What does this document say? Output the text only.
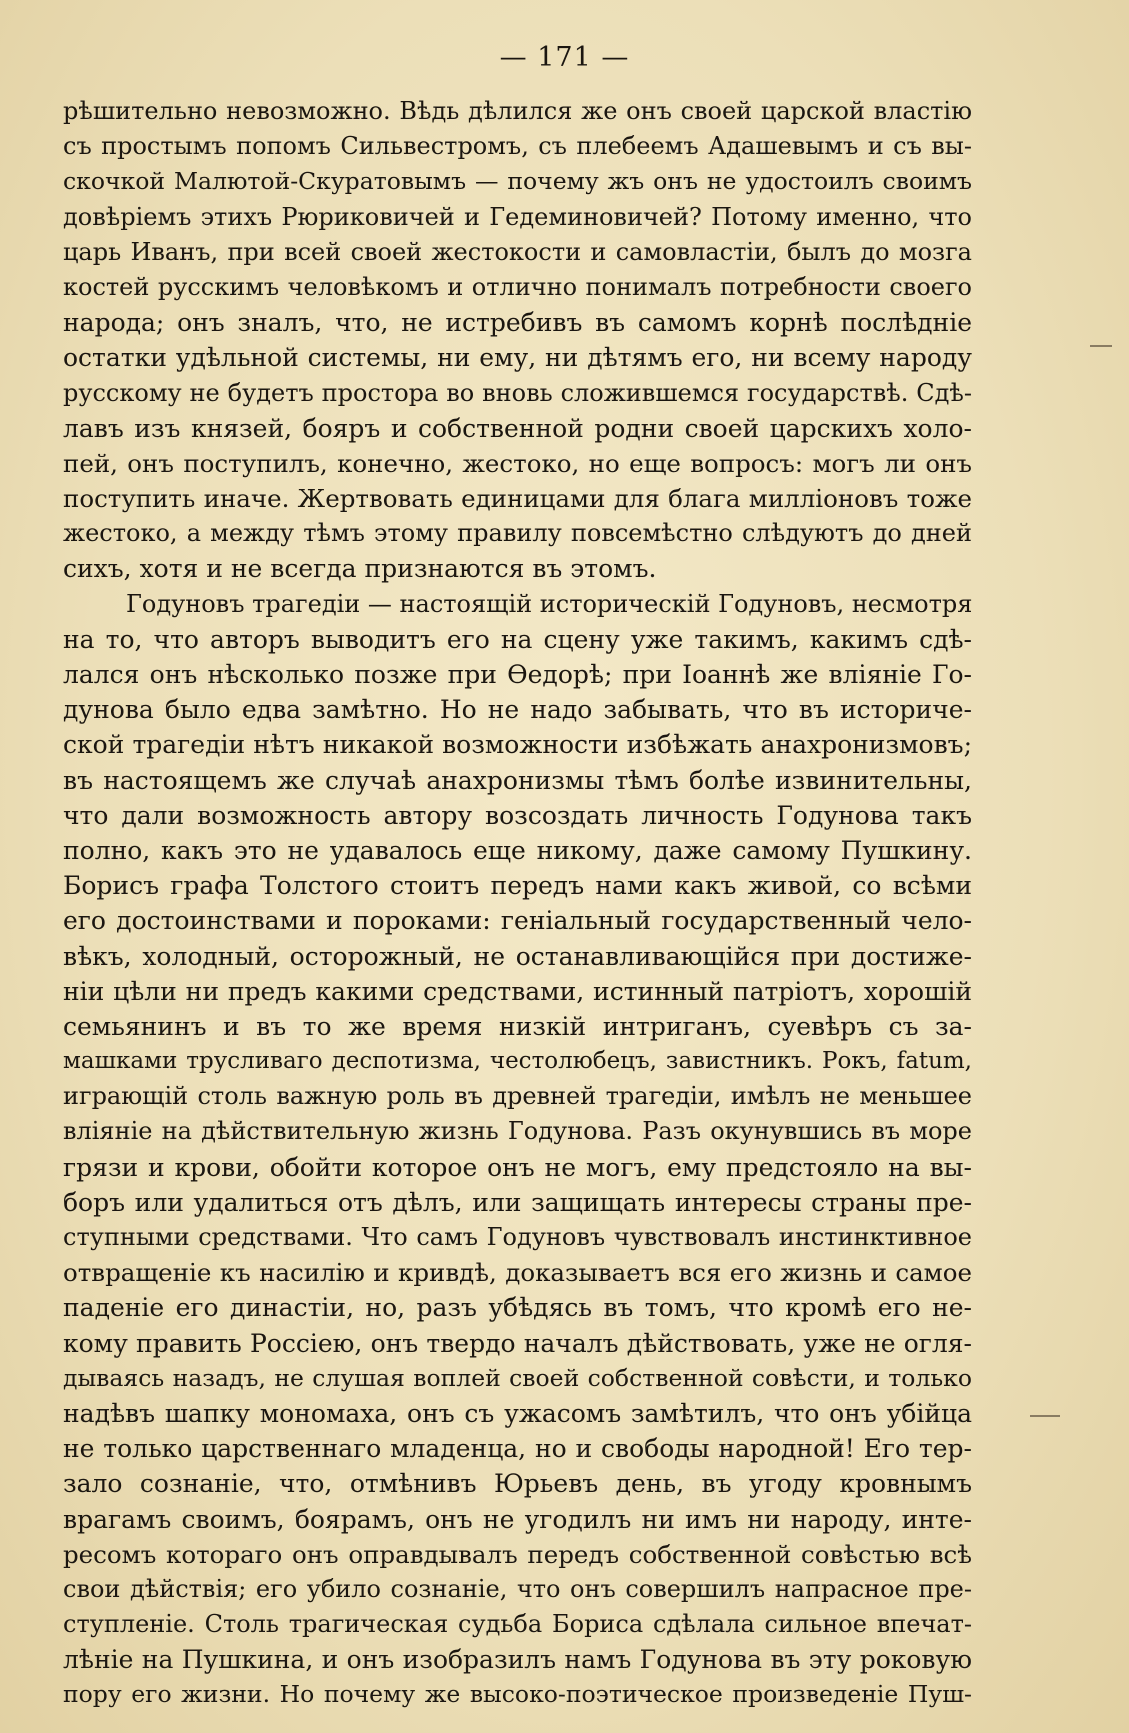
— 171 —
рѣшительно невозможно. Вѣдь дѣлился же онъ своей царской властію
съ простымъ попомъ Сильвестромъ, съ плебеемъ Адашевымъ и съ вы-
скочкой Малютой-Скуратовымъ — почему жъ онъ не удостоилъ своимъ
довѣріемъ этихъ Рюриковичей и Гедеминовичей? Потому именно, что
царь Иванъ, при всей своей жестокости и самовластіи, былъ до мозга
костей русскимъ человѣкомъ и отлично понималъ потребности своего
народа; онъ зналъ, что, не истребивъ въ самомъ корнѣ послѣдніе
остатки удѣльной системы, ни ему, ни дѣтямъ его, ни всему народу
русскому не будетъ простора во вновь сложившемся государствѣ. Сдѣ-
лавъ изъ князей, бояръ и собственной родни своей царскихъ холо-
пей, онъ поступилъ, конечно, жестоко, но еще вопросъ: могъ ли онъ
поступить иначе. Жертвовать единицами для блага милліоновъ тоже
жестоко, а между тѣмъ этому правилу повсемѣстно слѣдуютъ до дней
сихъ, хотя и не всегда признаются въ этомъ.
Годуновъ трагедіи — настоящій историческій Годуновъ, несмотря
на то, что авторъ выводитъ его на сцену уже такимъ, какимъ сдѣ-
лался онъ нѣсколько позже при Ѳедорѣ; при Іоаннѣ же вліяніе Го-
дунова было едва замѣтно. Но не надо забывать, что въ историче-
ской трагедіи нѣтъ никакой возможности избѣжать анахронизмовъ;
въ настоящемъ же случаѣ анахронизмы тѣмъ болѣе извинительны,
что дали возможность автору возсоздать личность Годунова такъ
полно, какъ это не удавалось еще никому, даже самому Пушкину.
Борисъ графа Толстого стоитъ передъ нами какъ живой, со всѣми
его достоинствами и пороками: геніальный государственный чело-
вѣкъ, холодный, осторожный, не останавливающійся при достиже-
ніи цѣли ни предъ какими средствами, истинный патріотъ, хорошій
семьянинъ и въ то же время низкій интриганъ, суевѣръ съ за-
машками трусливаго деспотизма, честолюбецъ, завистникъ. Рокъ, fatum,
играющій столь важную роль въ древней трагедіи, имѣлъ не меньшее
вліяніе на дѣйствительную жизнь Годунова. Разъ окунувшись въ море
грязи и крови, обойти которое онъ не могъ, ему предстояло на вы-
боръ или удалиться отъ дѣлъ, или защищать интересы страны пре-
ступными средствами. Что самъ Годуновъ чувствовалъ инстинктивное
отвращеніе къ насилію и кривдѣ, доказываетъ вся его жизнь и самое
паденіе его династіи, но, разъ убѣдясь въ томъ, что кромѣ его не-
кому править Россіею, онъ твердо началъ дѣйствовать, уже не огля-
дываясь назадъ, не слушая воплей своей собственной совѣсти, и только
надѣвъ шапку мономаха, онъ съ ужасомъ замѣтилъ, что онъ убійца
не только царственнаго младенца, но и свободы народной! Его тер-
зало сознаніе, что, отмѣнивъ Юрьевъ день, въ угоду кровнымъ
врагамъ своимъ, боярамъ, онъ не угодилъ ни имъ ни народу, инте-
ресомъ котораго онъ оправдывалъ передъ собственной совѣстью всѣ
свои дѣйствія; его убило сознаніе, что онъ совершилъ напрасное пре-
ступленіе. Столь трагическая судьба Бориса сдѣлала сильное впечат-
лѣніе на Пушкина, и онъ изобразилъ намъ Годунова въ эту роковую
пору его жизни. Но почему же высоко-поэтическое произведеніе Пуш-
